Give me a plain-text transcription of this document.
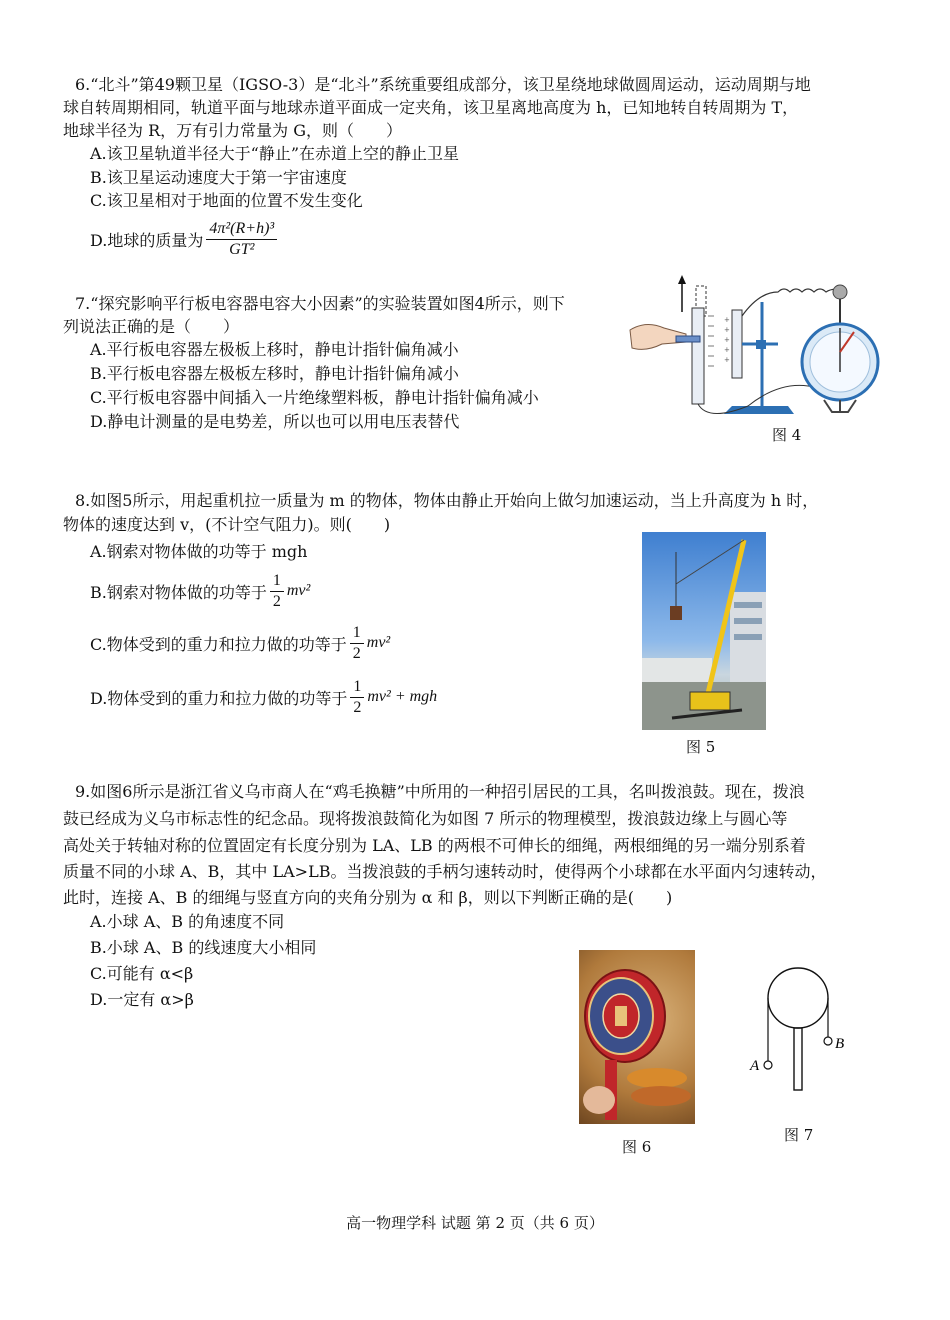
6.“北斗”第49颗卫星（IGSO-3）是“北斗”系统重要组成部分，该卫星绕地球做圆周运动，运动周期与地
球自转周期相同，轨道平面与地球赤道平面成一定夹角，该卫星离地高度为 h，已知地转自转周期为 T，
地球半径为 R，万有引力常量为 G，则（　　）
A.该卫星轨道半径大于“静止”在赤道上空的静止卫星
B.该卫星运动速度大于第一宇宙速度
C.该卫星相对于地面的位置不发生变化
D.地球的质量为 $\frac{\text{4π²(R+h)³}}{\text{GT²}}$
7.“探究影响平行板电容器电容大小因素”的实验装置如图4所示，则下
列说法正确的是（　　）
A.平行板电容器左极板上移时，静电计指针偏角减小
B.平行板电容器左极板左移时，静电计指针偏角减小
C.平行板电容器中间插入一片绝缘塑料板，静电计指针偏角减小
D.静电计测量的是电势差，所以也可以用电压表替代
+
+
+
+
+
图 4
8.如图5所示，用起重机拉一质量为 m 的物体，物体由静止开始向上做匀加速运动，当上升高度为 h 时，
物体的速度达到 v，(不计空气阻力)。则(　　)
A.钢索对物体做的功等于 mgh
B.钢索对物体做的功等于 $\frac{1}{2} mv^2$
C.物体受到的重力和拉力做的功等于 $\frac{1}{2} mv^2$
D.物体受到的重力和拉力做的功等于 $\frac{1}{2} mv^2$ + mgh
图 5
9.如图6所示是浙江省义乌市商人在“鸡毛换糖”中所用的一种招引居民的工具，名叫拨浪鼓。现在，拨浪
鼓已经成为义乌市标志性的纪念品。现将拨浪鼓简化为如图 7 所示的物理模型，拨浪鼓边缘上与圆心等
高处关于转轴对称的位置固定有长度分别为 LA、LB 的两根不可伸长的细绳，两根细绳的另一端分别系着
质量不同的小球 A、B，其中 LA>LB。当拨浪鼓的手柄匀速转动时，使得两个小球都在水平面内匀速转动，
此时，连接 A、B 的细绳与竖直方向的夹角分别为 α 和 β，则以下判断正确的是(　　)
A.小球 A、B 的角速度不同
B.小球 A、B 的线速度大小相同
C.可能有 α<β
D.一定有 α>β
图 6
A
B
图 7
高一物理学科 试题 第 2 页（共 6 页）
